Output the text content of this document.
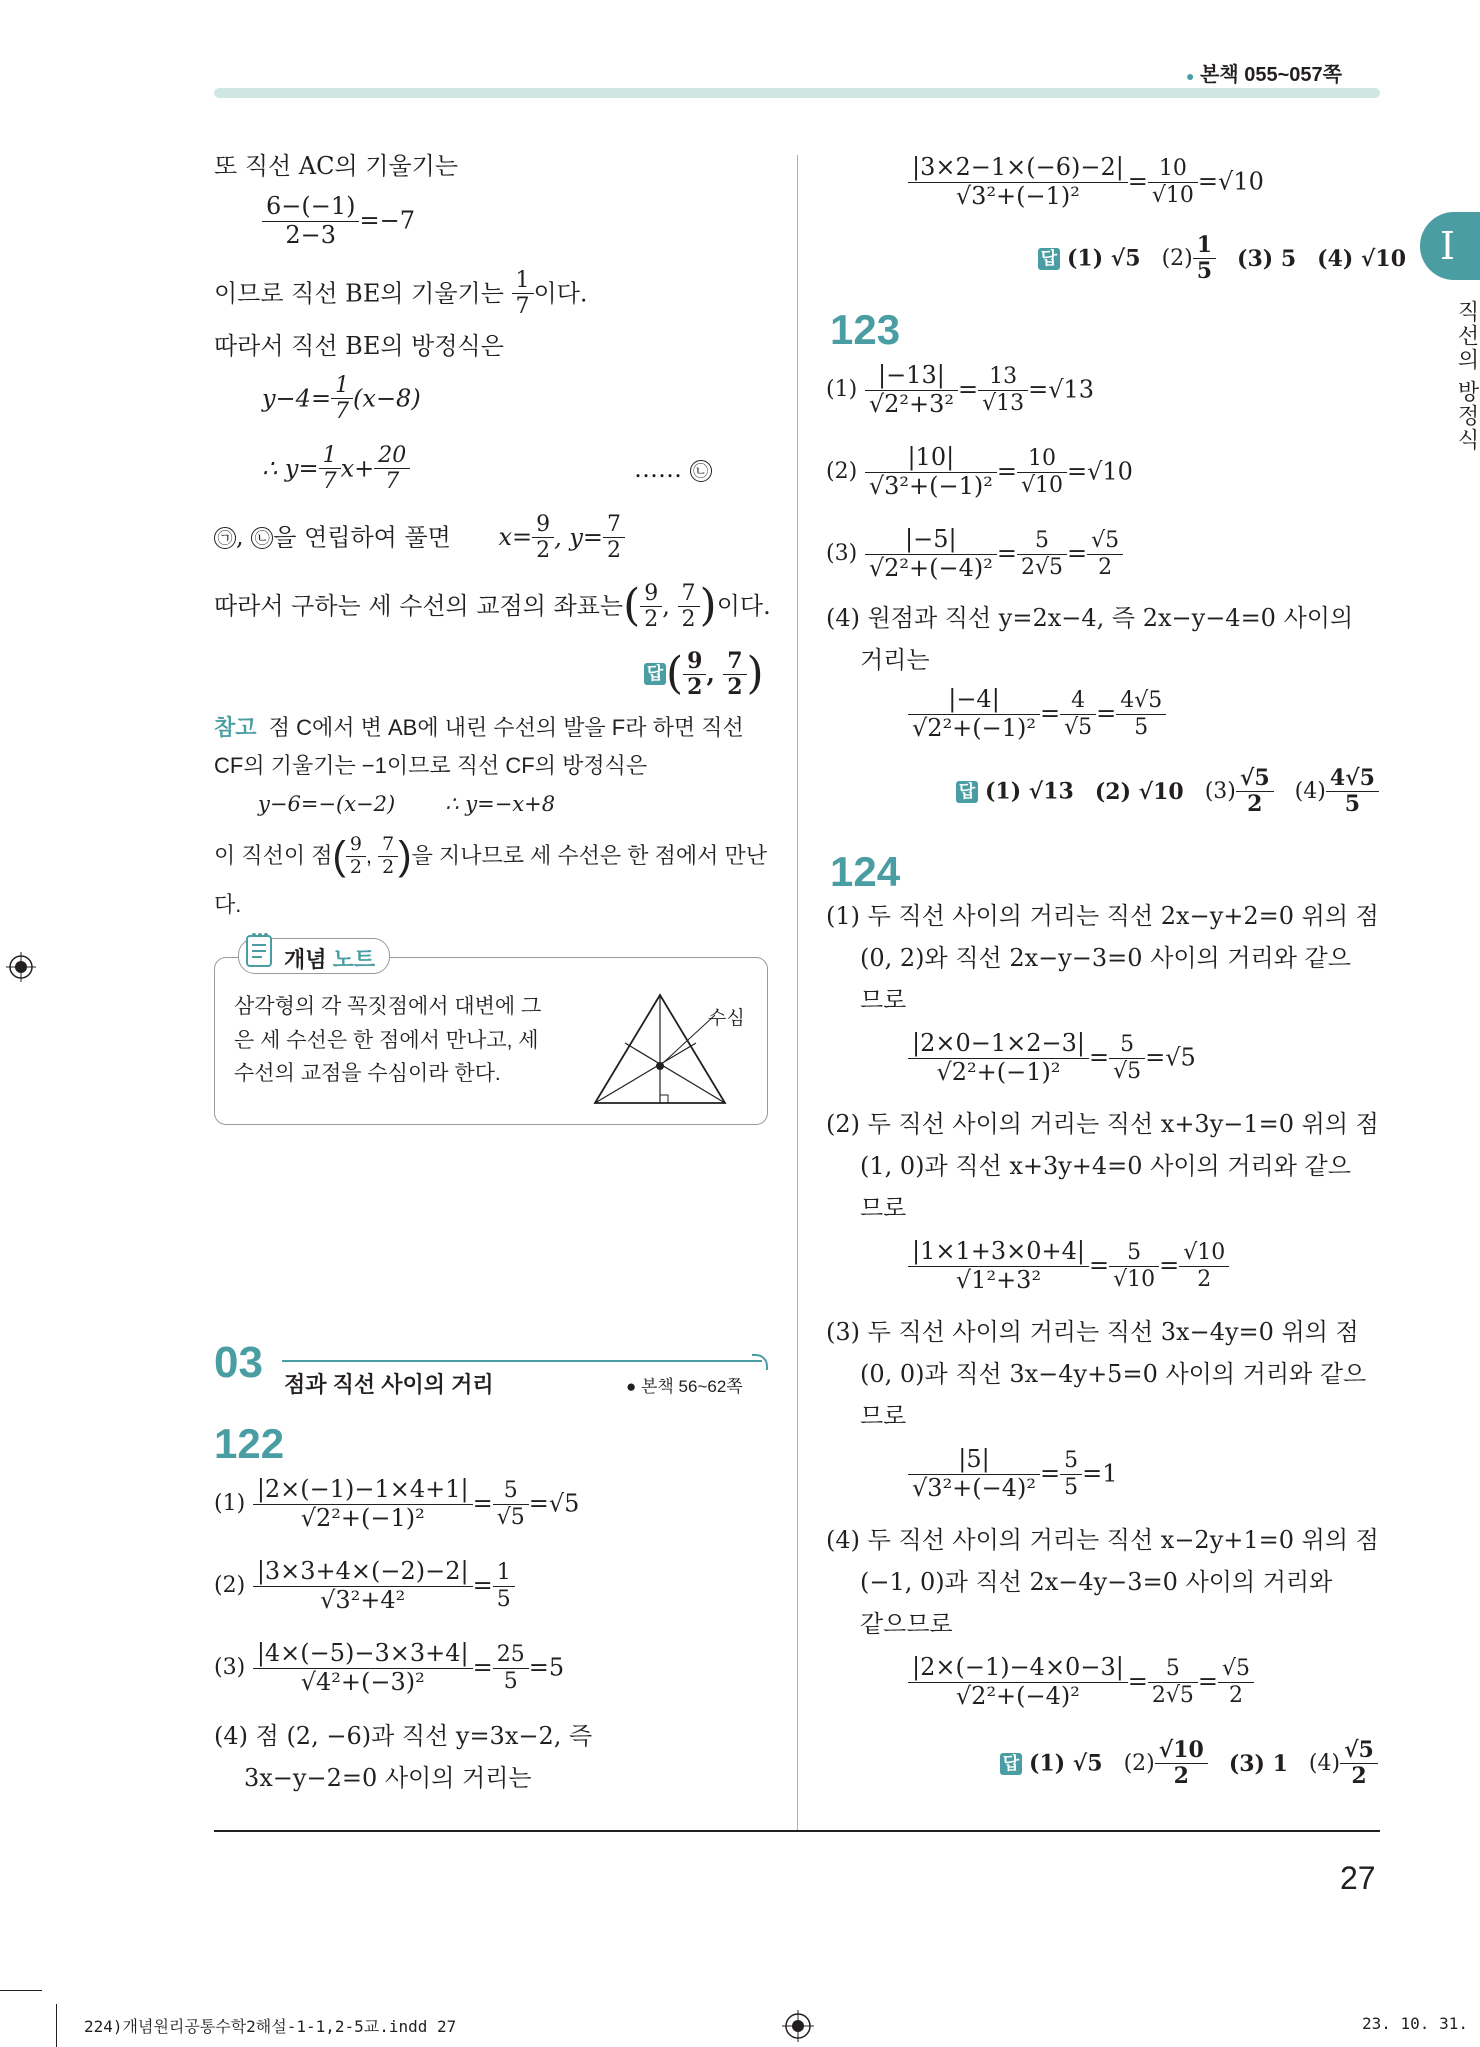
● 본책 055~057쪽
I
직선의 방정식
또 직선 AC의 기울기는
$\frac{6-(-1)}{2-3} =-7$
이므로 직선 BE의 기울기는 $\frac{1}{7}$ 이다.
따라서 직선 BE의 방정식은
$y-4= \frac{1}{7} (x-8)$
∴ $y= \frac{1}{7} x+ \frac{20}{7}$	…… ㉡
㉠ , ㉡ 을 연립하여 풀면 $x= \frac{9}{2}$ , $y= \frac{7}{2}$
따라서 구하는 세 수선의 교점의 좌표는( $\frac{9}{2}$ , $\frac{7}{2}$ )이다.
답( $\frac{9}{2}$ , $\frac{7}{2}$ )
참고 점 C에서 변 AB에 내린 수선의 발을 F라 하면 직선
CF의 기울기는 −1이므로 직선 CF의 방정식은
y−6=−(x−2) ∴ y=−x+8
이 직선이 점( $\frac{9}{2}$ , $\frac{7}{2}$ )을 지나므로 세 수선은 한 점에서 만난
다.
개념 노트
삼각형의 각 꼭짓점에서 대변에 그
은 세 수선은 한 점에서 만나고, 세
수선의 교점을 수심이라 한다.
수심
03 점과 직선 사이의 거리	● 본책 56~62쪽
122
$(1) \frac{|2\times(-1)-1\times 4+1|}{\text{√2²+(−1)²}} = \frac{5}{√5} =√5$
$(2) \frac{|3\times 3+4\times(-2)-2|}{\text{√3²+4²}} = \frac{1}{5}$
$(3) \frac{|4\times(-5)-3\times 3+4|}{\text{√4²+(−3)²}} = \frac{25}{5} =5$
(4) 점 (2, −6)과 직선 y=3x−2, 즉
3x−y−2=0 사이의 거리는
$\frac{|3\times 2-1\times(-6)-2|}{\text{√3²+(−1)²}} = \frac{10}{√10} =√10$
답 (1) √5 $(2) \frac{1}{5} (3)$ 5 (4) √10
123
$(1) \frac{|-13|}{\text{√2²+3²}} = \frac{13}{√13} =√13$
$(2) \frac{|10|}{\text{√3²+(−1)²}} = \frac{10}{√10} =√10$
$(3) \frac{|-5|}{\text{√2²+(−4)²}} = \frac{5}{2√5} = \frac{√5}{2}$
(4) 원점과 직선 y=2x−4, 즉 2x−y−4=0 사이의
거리는
$\frac{|-4|}{\text{√2²+(−1)²}} = \frac{4}{√5} = \frac{4√5}{5}$
답 (1) √13 (2) √10 $(3) \frac{√5}{2} (4) \frac{4√5}{5}$
124
(1) 두 직선 사이의 거리는 직선 2x−y+2=0 위의 점
(0, 2)와 직선 2x−y−3=0 사이의 거리와 같으
므로
$\frac{|2\times 0-1\times 2-3|}{\text{√2²+(−1)²}} = \frac{5}{√5} =√5$
(2) 두 직선 사이의 거리는 직선 x+3y−1=0 위의 점
(1, 0)과 직선 x+3y+4=0 사이의 거리와 같으
므로
$\frac{|1\times 1+3\times 0+4|}{\text{√1²+3²}} = \frac{5}{√10} = \frac{√10}{2}$
(3) 두 직선 사이의 거리는 직선 3x−4y=0 위의 점
(0, 0)과 직선 3x−4y+5=0 사이의 거리와 같으
므로
$\frac{|5|}{\text{√3²+(−4)²}} = \frac{5}{5} =1$
(4) 두 직선 사이의 거리는 직선 x−2y+1=0 위의 점
(−1, 0)과 직선 2x−4y−3=0 사이의 거리와
같으므로
$\frac{|2\times(-1)-4\times 0-3|}{\text{√2²+(−4)²}} = \frac{5}{2√5} = \frac{√5}{2}$
답 (1) √5 $(2) \frac{√10}{2} (3)$ 1 $(4) \frac{√5}{2}$
27
224)개념원리공통수학2해설-1-1,2-5교.indd 27	23. 10. 31.
